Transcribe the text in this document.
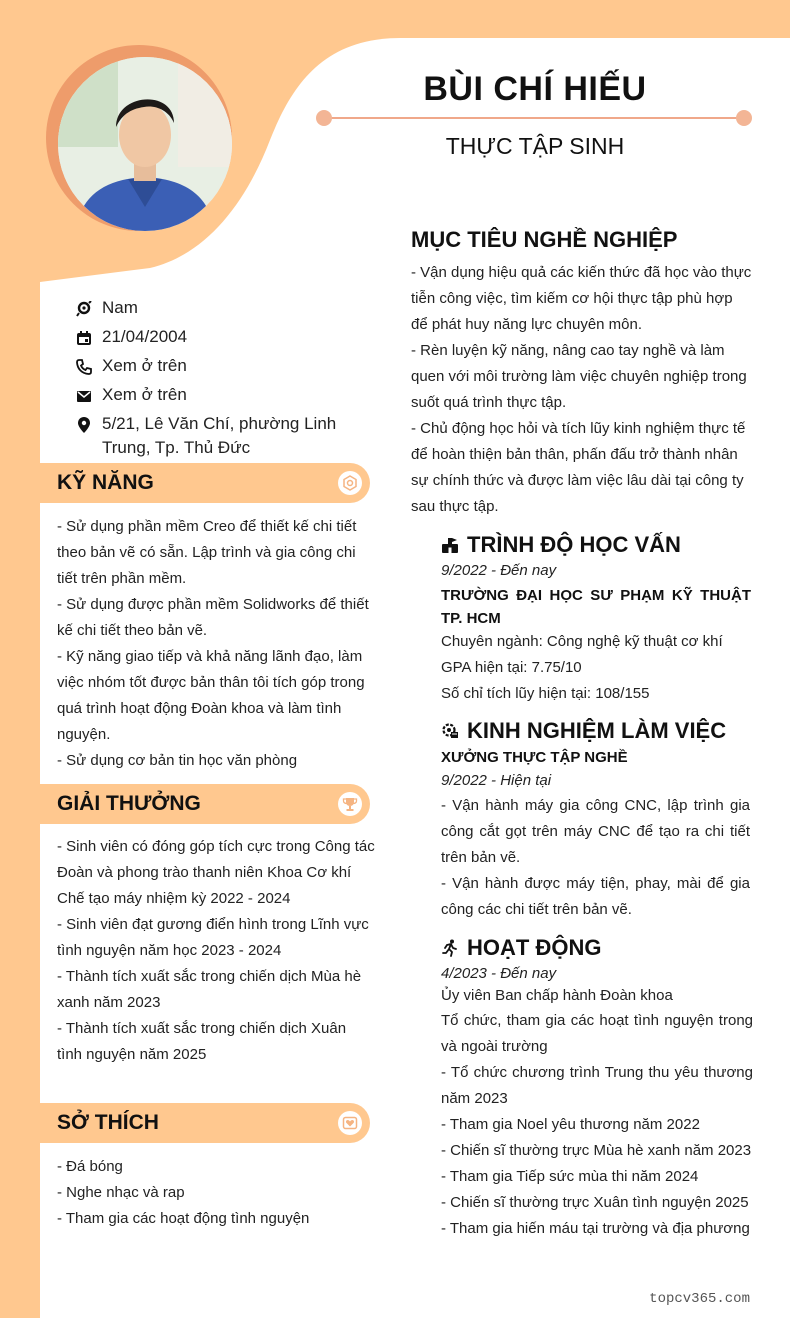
BÙI CHÍ HIẾU
THỰC TẬP SINH
Nam
21/04/2004
Xem ở trên
Xem ở trên
5/21, Lê Văn Chí, phường Linh Trung, Tp. Thủ Đức
KỸ NĂNG

- Sử dụng phần mềm Creo để thiết kế chi tiết theo bản vẽ có sẵn. Lập trình và gia công chi tiết trên phần mềm.

- Sử dụng được phần mềm Solidworks để thiết kế chi tiết theo bản vẽ.

- Kỹ năng giao tiếp và khả năng lãnh đạo, làm việc nhóm tốt được bản thân tôi tích góp trong quá trình hoạt động Đoàn khoa và làm tình nguyện.

- Sử dụng cơ bản tin học văn phòng

GIẢI THƯỞNG

- Sinh viên có đóng góp tích cực trong Công tác Đoàn và phong trào thanh niên Khoa Cơ khí Chế tạo máy nhiệm kỳ 2022 - 2024

- Sinh viên đạt gương điển hình trong Lĩnh vực tình nguyện năm học 2023 - 2024

- Thành tích xuất sắc trong chiến dịch Mùa hè xanh năm 2023

- Thành tích xuất sắc trong chiến dịch Xuân tình nguyện năm 2025

SỞ THÍCH

- Đá bóng

- Nghe nhạc và rap

- Tham gia các hoạt động tình nguyện

MỤC TIÊU NGHỀ NGHIỆP

- Vận dụng hiệu quả các kiến thức đã học vào thực tiễn công việc, tìm kiếm cơ hội thực tập phù hợp để phát huy năng lực chuyên môn.

- Rèn luyện kỹ năng, nâng cao tay nghề và làm quen với môi trường làm việc chuyên nghiệp trong suốt quá trình thực tập.

- Chủ động học hỏi và tích lũy kinh nghiệm thực tế để hoàn thiện bản thân, phấn đấu trở thành nhân sự chính thức và được làm việc lâu dài tại công ty sau thực tập.

TRÌNH ĐỘ HỌC VẤN
9/2022 - Đến nay
TRƯỜNG ĐẠI HỌC SƯ PHẠM KỸ THUẬT TP. HCM

Chuyên ngành: Công nghệ kỹ thuật cơ khí

GPA hiện tại: 7.75/10

Số chỉ tích lũy hiện tại: 108/155

KINH NGHIỆM LÀM VIỆC
XƯỞNG THỰC TẬP NGHỀ
9/2022 - Hiện tại

- Vận hành máy gia công CNC, lập trình gia công cắt gọt trên máy CNC để tạo ra chi tiết trên bản vẽ.

- Vận hành được máy tiện, phay, mài để gia công các chi tiết trên bản vẽ.

HOẠT ĐỘNG
4/2023 - Đến nay

Ủy viên Ban chấp hành Đoàn khoa

Tổ chức, tham gia các hoạt tình nguyện trong và ngoài trường

- Tổ chức chương trình Trung thu yêu thương năm 2023

- Tham gia Noel yêu thương năm 2022

- Chiến sĩ thường trực Mùa hè xanh năm 2023

- Tham gia Tiếp sức mùa thi năm 2024

- Chiến sĩ thường trực Xuân tình nguyện 2025

- Tham gia hiến máu tại trường và địa phương

topcv365.com
